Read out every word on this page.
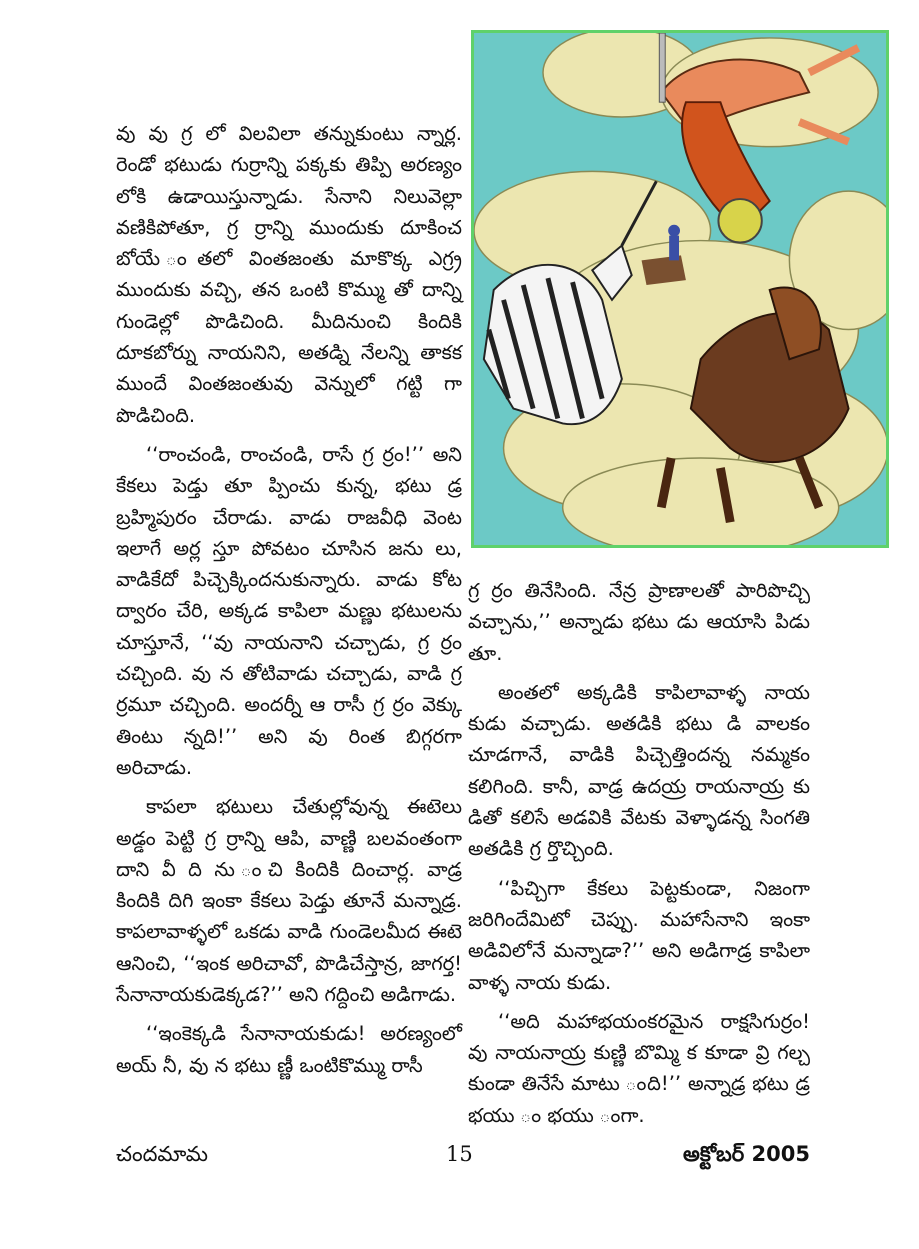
వు వు గ్ర లో విలవిలా తన్నుకుంటు న్నార్ల. రెండో భటుడు గుర్రాన్ని పక్కకు తిప్పి అరణ్యం లోకి ఉడాయిస్తున్నాడు. సేనాని నిలువెల్లా వణికిపోతూ, గ్ర ర్రాన్ని ముందుకు దూకించ బోయే ంతలో వింతజంతు మాకొక్క ఎగ్ర్ర ముందుకు వచ్చి, తన ఒంటి కొమ్ము తో దాన్ని గుండెల్లో పొడిచింది. మీదినుంచి కిందికి దూకబోర్ను నాయనిని, అతడ్ని నేలన్ని తాకక ముందే వింతజంతువు వెన్నులో గట్టి గా పొడిచింది.

‘‘రాంచండి, రాంచండి, రాసే గ్ర ర్రం!’’ అని కేకలు పెడ్తు తూ ప్పించు కున్న, భటు డ్ర బ్రహ్మిపురం చేరాడు. వాడు రాజవీధి వెంట ఇలాగే అర్ల స్తూ పోవటం చూసిన జను లు, వాడికేదో పిచ్చెక్కిందనుకున్నారు. వాడు కోట ద్వారం చేరి, అక్కడ కాపిలా మణ్ణు భటులను చూస్తూనే, ‘‘వు నాయనాని చచ్చాడు, గ్ర ర్రం చచ్చింది. వు న తోటివాడు చచ్చాడు, వాడి గ్ర ర్రమూ చచ్చింది. అందర్నీ ఆ రాసీ గ్ర ర్రం వెక్కు తింటు న్నది!’’ అని వు రింత బిగ్గరగా అరిచాడు.

కాపలా భటులు చేతుల్లోవున్న ఈటెలు అడ్డం పెట్టి గ్ర ర్రాన్ని ఆపి, వాణ్ణి బలవంతంగా దాని వీ ది ను ంచి కిందికి దించార్ల. వాడ్ర కిందికి దిగి ఇంకా కేకలు పెడ్తు తూనే మన్నాడ్ర. కాపలావాళ్ళలో ఒకడు వాడి గుండెలమీద ఈటె ఆనించి, ‘‘ఇంక అరిచావో, పొడిచేస్తాన్ర, జాగర్త! సేనానాయకుడెక్కడ?’’ అని గద్దించి అడిగాడు.

‘‘ఇంకెక్కడి సేనానాయకుడు! అరణ్యంలో అయ్ నీ, వు న భటు ణ్ణీ ఒంటికొమ్ము రాసీ

గ్ర ర్రం తినేసింది. నేన్ర ప్రాణాలతో పారిపొచ్చి వచ్చాను,’’ అన్నాడు భటు డు ఆయాసి పిడు తూ.

అంతలో అక్కడికి కాపిలావాళ్ళ నాయ కుడు వచ్చాడు. అతడికి భటు డి వాలకం చూడగానే, వాడికి పిచ్చెత్తిందన్న నమ్మకం కలిగింది. కానీ, వాడ్ర ఉదయ్ర రాయనాయ్ర కు డితో కలిసే అడవికి వేటకు వెళ్ళాడన్న సింగతి అతడికి గ్ర ర్తొచ్చింది.

‘‘పిచ్చిగా కేకలు పెట్టకుండా, నిజంగా జరిగిందేమిటో చెప్పు. మహాసేనాని ఇంకా అడివిలోనే మన్నాడా?’’ అని అడిగాడ్ర కాపిలా వాళ్ళ నాయ కుడు.

‘‘అది మహాభయంకరమైన రాక్షసిగుర్రం! వు నాయనాయ్ర కుణ్ణి బొమ్మి క కూడా వ్రి గల్చ కుండా తినేసే మాటు ంది!’’ అన్నాడ్ర భటు డ్ర భయు ం భయు ంగా.

చందమామ	15	అక్టోబర్ 2005
